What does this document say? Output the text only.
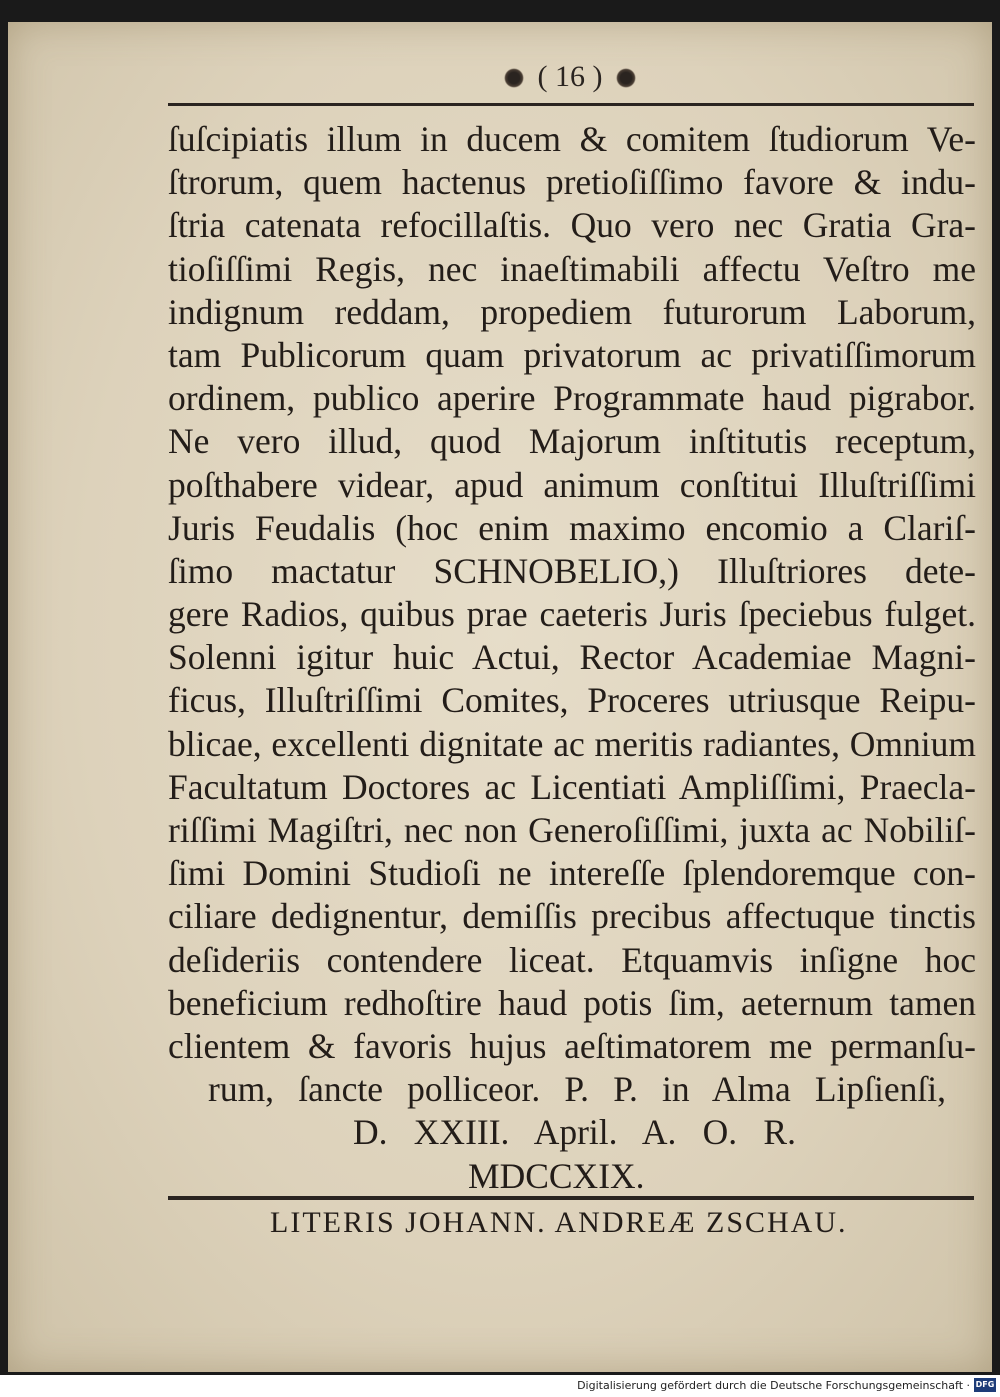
( 16 )
ſuſcipiatis illum in ducem & comitem ſtudiorum Ve-
ſtrorum, quem hactenus pretioſiſſimo favore & indu-
ſtria catenata refocillaſtis. Quo vero nec Gratia Gra-
tioſiſſimi Regis, nec inaeſtimabili affectu Veſtro me
indignum reddam, propediem futurorum Laborum,
tam Publicorum quam privatorum ac privatiſſimorum
ordinem, publico aperire Programmate haud pigrabor.
Ne vero illud, quod Majorum inſtitutis receptum,
poſthabere videar, apud animum conſtitui Illuſtriſſimi
Juris Feudalis (hoc enim maximo encomio a Clariſ-
ſimo mactatur SCHNOBELIO,) Illuſtriores dete-
gere Radios, quibus prae caeteris Juris ſpeciebus fulget.
Solenni igitur huic Actui, Rector Academiae Magni-
ficus, Illuſtriſſimi Comites, Proceres utriusque Reipu-
blicae, excellenti dignitate ac meritis radiantes, Omnium
Facultatum Doctores ac Licentiati Ampliſſimi, Praecla-
riſſimi Magiſtri, nec non Generoſiſſimi, juxta ac Nobiliſ-
ſimi Domini Studioſi ne intereſſe ſplendoremque con-
ciliare dedignentur, demiſſis precibus affectuque tinctis
deſideriis contendere liceat. Etquamvis inſigne hoc
beneficium redhoſtire haud potis ſim, aeternum tamen
clientem & favoris hujus aeſtimatorem me permanſu-
rum, ſancte polliceor. P. P. in Alma Lipſienſi,
D. XXIII. April. A. O. R.
MDCCXIX.
LITERIS JOHANN. ANDREÆ ZSCHAU.
Digitalisierung gefördert durch die Deutsche Forschungsgemeinschaft · DFG
